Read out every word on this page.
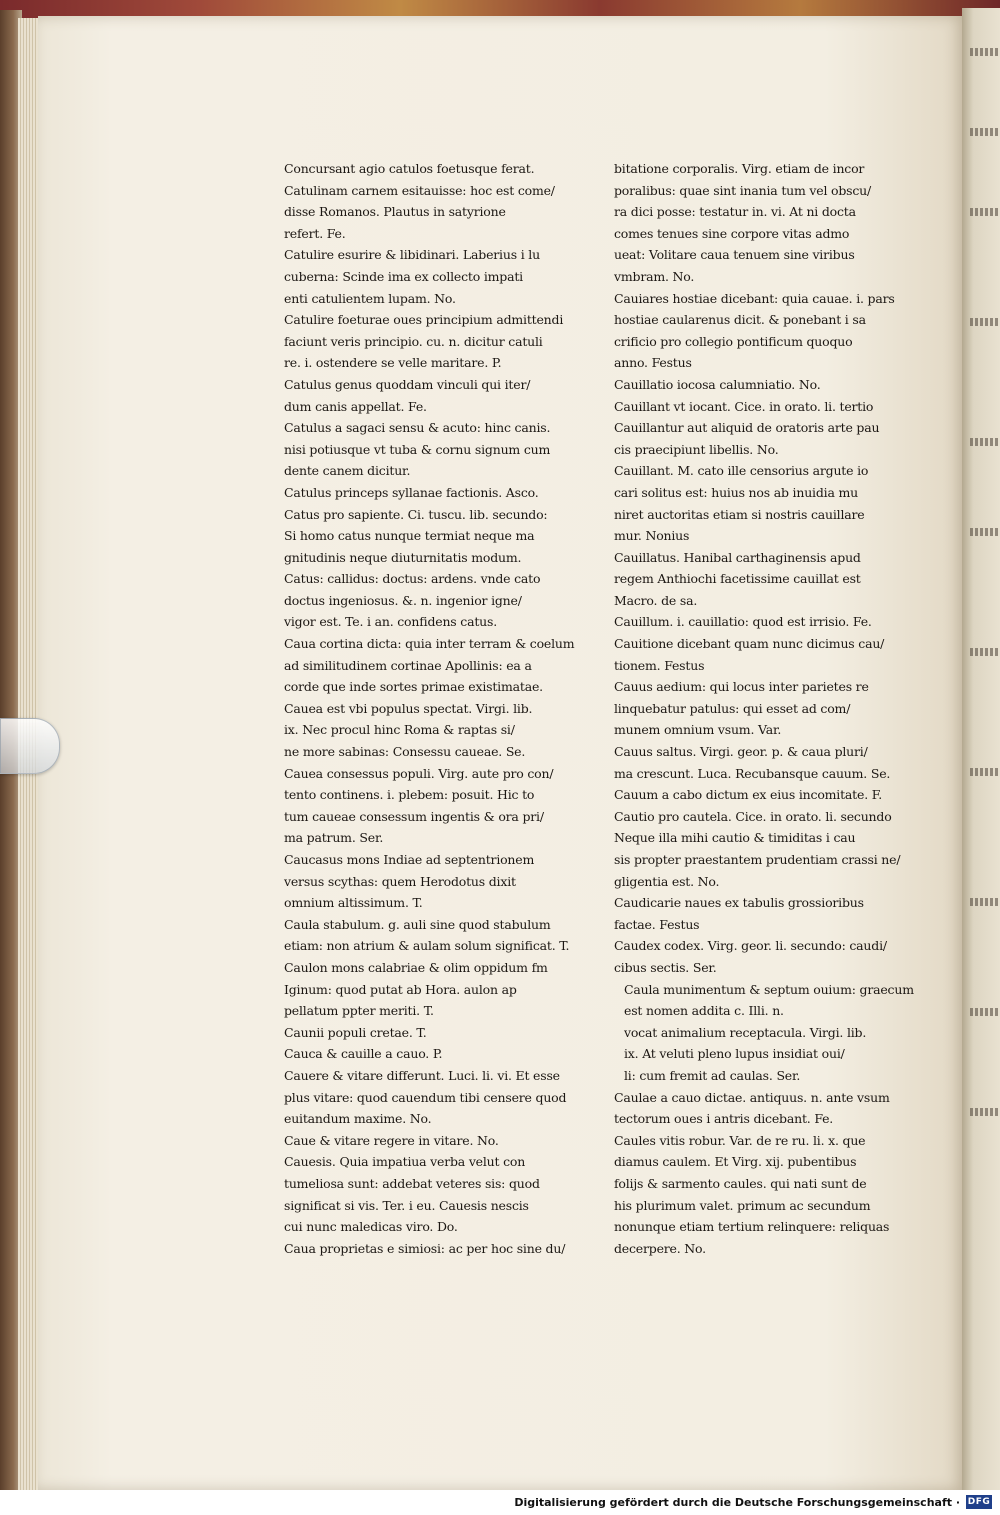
Concursant agio catulos foetusque ferat.
Catulinam carnem esitauisse: hoc est come/
disse Romanos. Plautus in satyrione
refert. Fe.
Catulire esurire & libidinari. Laberius i lu
cuberna: Scinde ima ex collecto impati
enti catulientem lupam. No.
Catulire foeturae oues principium admittendi
faciunt veris principio. cu. n. dicitur catuli
re. i. ostendere se velle maritare. P.
Catulus genus quoddam vinculi qui iter/
dum canis appellat. Fe.
Catulus a sagaci sensu & acuto: hinc canis.
nisi potiusque vt tuba & cornu signum cum
dente canem dicitur.
Catulus princeps syllanae factionis. Asco.
Catus pro sapiente. Ci. tuscu. lib. secundo:
Si homo catus nunque termiat neque ma
gnitudinis neque diuturnitatis modum.
Catus: callidus: doctus: ardens. vnde cato
doctus ingeniosus. &. n. ingenior igne/
vigor est. Te. i an. confidens catus.
Caua cortina dicta: quia inter terram & coelum
ad similitudinem cortinae Apollinis: ea a
corde que inde sortes primae existimatae.
Cauea est vbi populus spectat. Virgi. lib.
ix. Nec procul hinc Roma & raptas si/
ne more sabinas: Consessu caueae. Se.
Cauea consessus populi. Virg. aute pro con/
tento continens. i. plebem: posuit. Hic to
tum caueae consessum ingentis & ora pri/
ma patrum. Ser.
Caucasus mons Indiae ad septentrionem
versus scythas: quem Herodotus dixit
omnium altissimum. T.
Caula stabulum. g. auli sine quod stabulum
etiam: non atrium & aulam solum significat. T.
Caulon mons calabriae & olim oppidum fm
Iginum: quod putat ab Hora. aulon ap
pellatum ppter meriti. T.
Caunii populi cretae. T.
Cauca & cauille a cauo. P.
Cauere & vitare differunt. Luci. li. vi. Et esse
plus vitare: quod cauendum tibi censere quod
euitandum maxime. No.
Caue & vitare regere in vitare. No.
Cauesis. Quia impatiua verba velut con
tumeliosa sunt: addebat veteres sis: quod
significat si vis. Ter. i eu. Cauesis nescis
cui nunc maledicas viro. Do.
Caua proprietas e simiosi: ac per hoc sine du/
bitatione corporalis. Virg. etiam de incor
poralibus: quae sint inania tum vel obscu/
ra dici posse: testatur in. vi. At ni docta
comes tenues sine corpore vitas admo
ueat: Volitare caua tenuem sine viribus
vmbram. No.
Cauiares hostiae dicebant: quia cauae. i. pars
hostiae caularenus dicit. & ponebant i sa
crificio pro collegio pontificum quoquo
anno. Festus
Cauillatio iocosa calumniatio. No.
Cauillant vt iocant. Cice. in orato. li. tertio
Cauillantur aut aliquid de oratoris arte pau
cis praecipiunt libellis. No.
Cauillant. M. cato ille censorius argute io
cari solitus est: huius nos ab inuidia mu
niret auctoritas etiam si nostris cauillare
mur. Nonius
Cauillatus. Hanibal carthaginensis apud
regem Anthiochi facetissime cauillat est
Macro. de sa.
Cauillum. i. cauillatio: quod est irrisio. Fe.
Cauitione dicebant quam nunc dicimus cau/
tionem. Festus
Cauus aedium: qui locus inter parietes re
linquebatur patulus: qui esset ad com/
munem omnium vsum. Var.
Cauus saltus. Virgi. geor. p. & caua pluri/
ma crescunt. Luca. Recubansque cauum. Se.
Cauum a cabo dictum ex eius incomitate. F.
Cautio pro cautela. Cice. in orato. li. secundo
Neque illa mihi cautio & timiditas i cau
sis propter praestantem prudentiam crassi ne/
gligentia est. No.
Caudicarie naues ex tabulis grossioribus
factae. Festus
Caudex codex. Virg. geor. li. secundo: caudi/
cibus sectis. Ser.
Caula munimentum & septum ouium: graecum
est nomen addita c. Illi. n.
vocat animalium receptacula. Virgi. lib.
ix. At veluti pleno lupus insidiat oui/
li: cum fremit ad caulas. Ser.
Caulae a cauo dictae. antiquus. n. ante vsum
tectorum oues i antris dicebant. Fe.
Caules vitis robur. Var. de re ru. li. x. que
diamus caulem. Et Virg. xij. pubentibus
folijs & sarmento caules. qui nati sunt de
his plurimum valet. primum ac secundum
nonunque etiam tertium relinquere: reliquas
decerpere. No.
Digitalisierung gefördert durch die Deutsche Forschungsgemeinschaft · DFG
